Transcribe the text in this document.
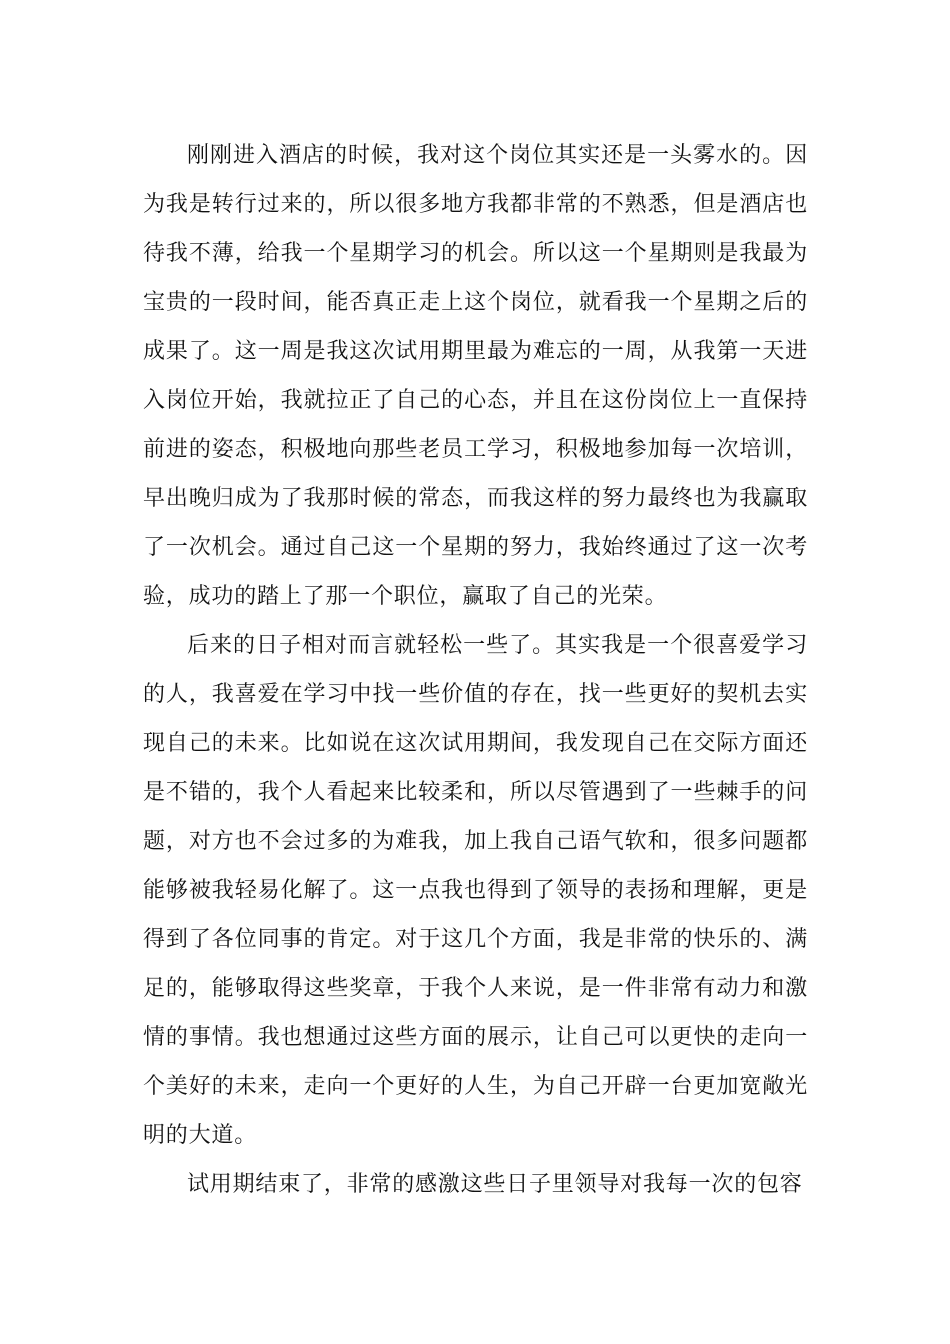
刚刚进入酒店的时候，我对这个岗位其实还是一头雾水的。因为我是转行过来的，所以很多地方我都非常的不熟悉，但是酒店也待我不薄，给我一个星期学习的机会。所以这一个星期则是我最为宝贵的一段时间，能否真正走上这个岗位，就看我一个星期之后的成果了。这一周是我这次试用期里最为难忘的一周，从我第一天进入岗位开始，我就拉正了自己的心态，并且在这份岗位上一直保持前进的姿态，积极地向那些老员工学习，积极地参加每一次培训，早出晚归成为了我那时候的常态，而我这样的努力最终也为我赢取了一次机会。通过自己这一个星期的努力，我始终通过了这一次考验，成功的踏上了那一个职位，赢取了自己的光荣。

后来的日子相对而言就轻松一些了。其实我是一个很喜爱学习的人，我喜爱在学习中找一些价值的存在，找一些更好的契机去实现自己的未来。比如说在这次试用期间，我发现自己在交际方面还是不错的，我个人看起来比较柔和，所以尽管遇到了一些棘手的问题，对方也不会过多的为难我，加上我自己语气软和，很多问题都能够被我轻易化解了。这一点我也得到了领导的表扬和理解，更是得到了各位同事的肯定。对于这几个方面，我是非常的快乐的、满足的，能够取得这些奖章，于我个人来说，是一件非常有动力和激情的事情。我也想通过这些方面的展示，让自己可以更快的走向一个美好的未来，走向一个更好的人生，为自己开辟一台更加宽敞光明的大道。

试用期结束了，非常的感激这些日子里领导对我每一次的包容
